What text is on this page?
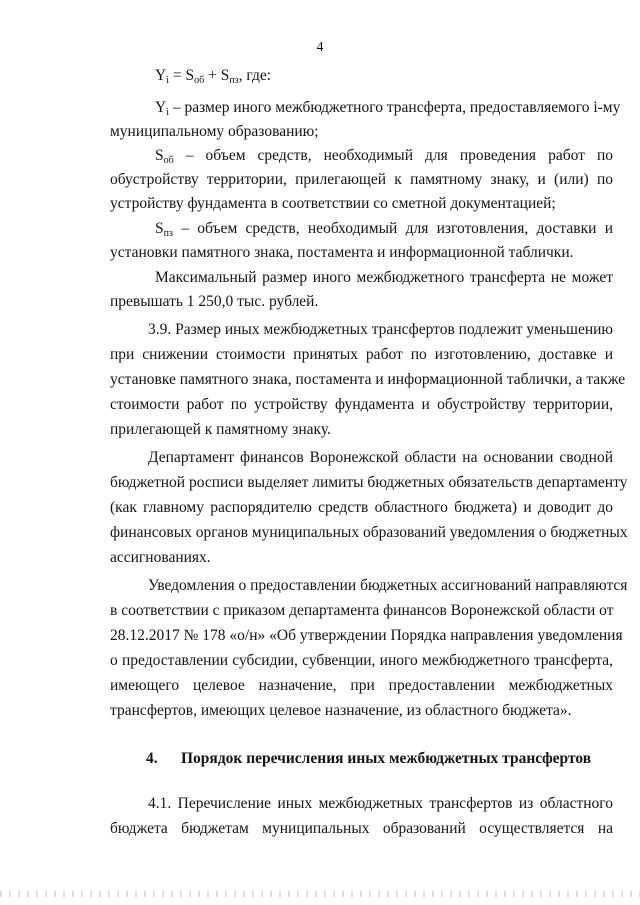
4
$Y_i = S_{об} + S_{пз}$, где:
$Y_i$ – размер иного межбюджетного трансферта, предоставляемого i-му
муниципальному образованию;
$S_{об}$ – объем средств, необходимый для проведения работ по
обустройству территории, прилегающей к памятному знаку, и (или) по
устройству фундамента в соответствии со сметной документацией;
$S_{пз}$ – объем средств, необходимый для изготовления, доставки и
установки памятного знака, постамента и информационной таблички.
Максимальный размер иного межбюджетного трансферта не может
превышать 1 250,0 тыс. рублей.
3.9. Размер иных межбюджетных трансфертов подлежит уменьшению
при снижении стоимости принятых работ по изготовлению, доставке и
установке памятного знака, постамента и информационной таблички, а также
стоимости работ по устройству фундамента и обустройству территории,
прилегающей к памятному знаку.
Департамент финансов Воронежской области на основании сводной
бюджетной росписи выделяет лимиты бюджетных обязательств департаменту
(как главному распорядителю средств областного бюджета) и доводит до
финансовых органов муниципальных образований уведомления о бюджетных
ассигнованиях.
Уведомления о предоставлении бюджетных ассигнований направляются
в соответствии с приказом департамента финансов Воронежской области от
28.12.2017 № 178 «о/н» «Об утверждении Порядка направления уведомления
о предоставлении субсидии, субвенции, иного межбюджетного трансферта,
имеющего целевое назначение, при предоставлении межбюджетных
трансфертов, имеющих целевое назначение, из областного бюджета».
4.	Порядок перечисления иных межбюджетных трансфертов
4.1. Перечисление иных межбюджетных трансфертов из областного
бюджета бюджетам муниципальных образований осуществляется на
